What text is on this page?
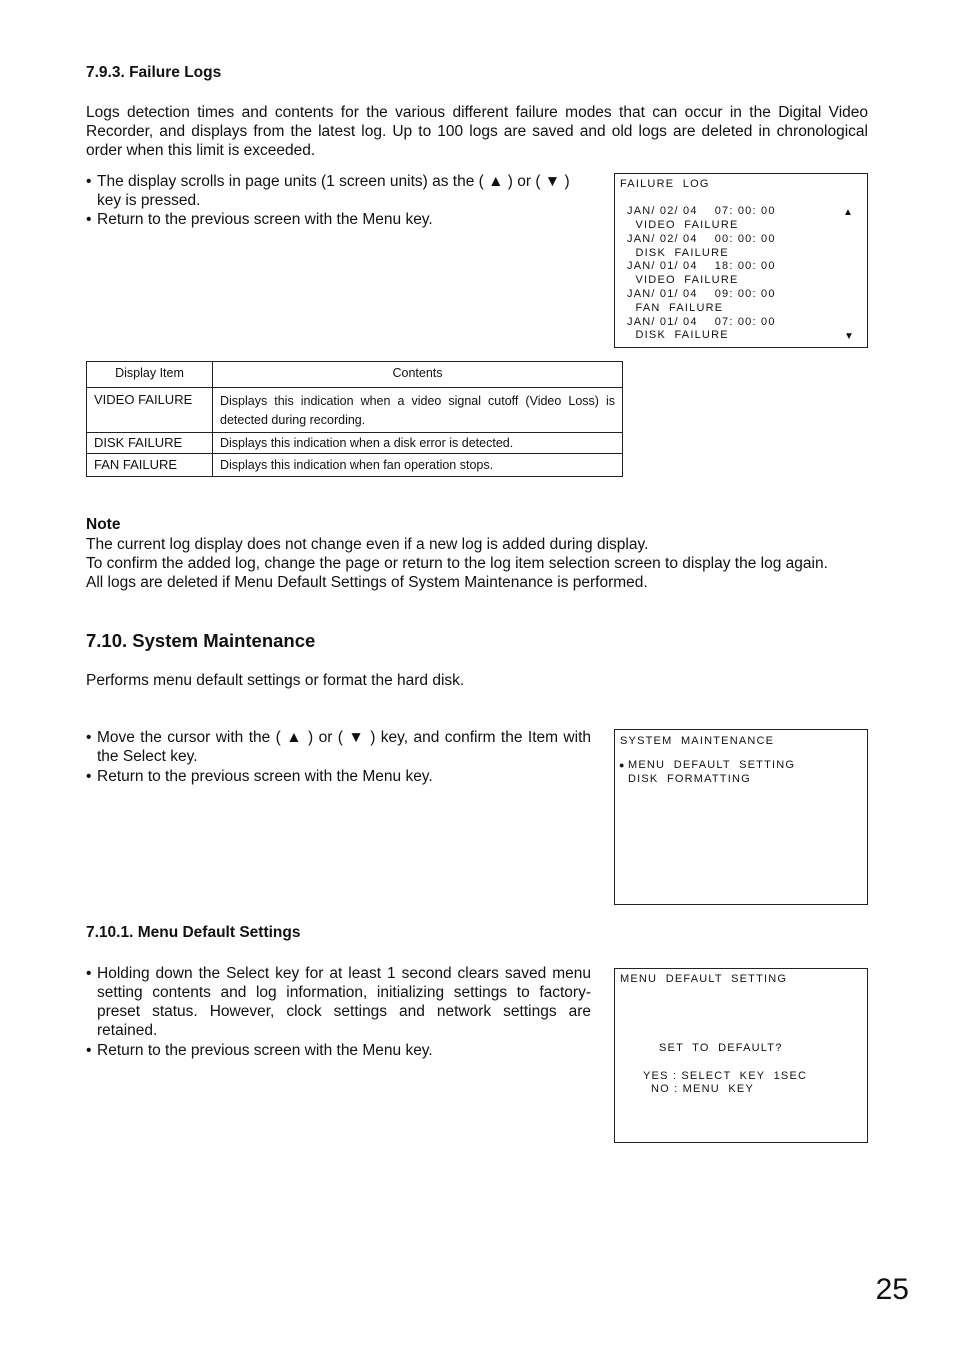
7.9.3. Failure Logs
Logs detection times and contents for the various different failure modes that can occur in the Digital Video Recorder, and displays from the latest log. Up to 100 logs are saved and old logs are deleted in chronological order when this limit is exceeded.
• The display scrolls in page units (1 screen units) as the ( ▲ ) or ( ▼ ) key is pressed.
• Return to the previous screen with the Menu key.
FAILURE  LOG
JAN/ 02/ 04    07: 00: 00
VIDEO  FAILURE
JAN/ 02/ 04    00: 00: 00
DISK  FAILURE
JAN/ 01/ 04    18: 00: 00
VIDEO  FAILURE
JAN/ 01/ 04    09: 00: 00
FAN  FAILURE
JAN/ 01/ 04    07: 00: 00
DISK  FAILURE
▲
▼
Display Item	Contents
VIDEO FAILURE	Displays this indication when a video signal cutoff (Video Loss) is detected during recording.
DISK FAILURE	Displays this indication when a disk error is detected.
FAN FAILURE	Displays this indication when fan operation stops.
Note
The current log display does not change even if a new log is added during display.
To confirm the added log, change the page or return to the log item selection screen to display the log again.
All logs are deleted if Menu Default Settings of System Maintenance is performed.
7.10. System Maintenance
Performs menu default settings or format the hard disk.
• Move the cursor with the ( ▲ ) or ( ▼ ) key, and confirm the Item with the Select key.
• Return to the previous screen with the Menu key.
SYSTEM  MAINTENANCE
● MENU  DEFAULT  SETTING
DISK  FORMATTING
7.10.1. Menu Default Settings
• Holding down the Select key for at least 1 second clears saved menu setting contents and log information, initializing settings to factory-preset status. However, clock settings and network settings are retained.
• Return to the previous screen with the Menu key.
MENU  DEFAULT  SETTING
SET  TO  DEFAULT?
YES : SELECT  KEY  1SEC
NO : MENU  KEY
25
